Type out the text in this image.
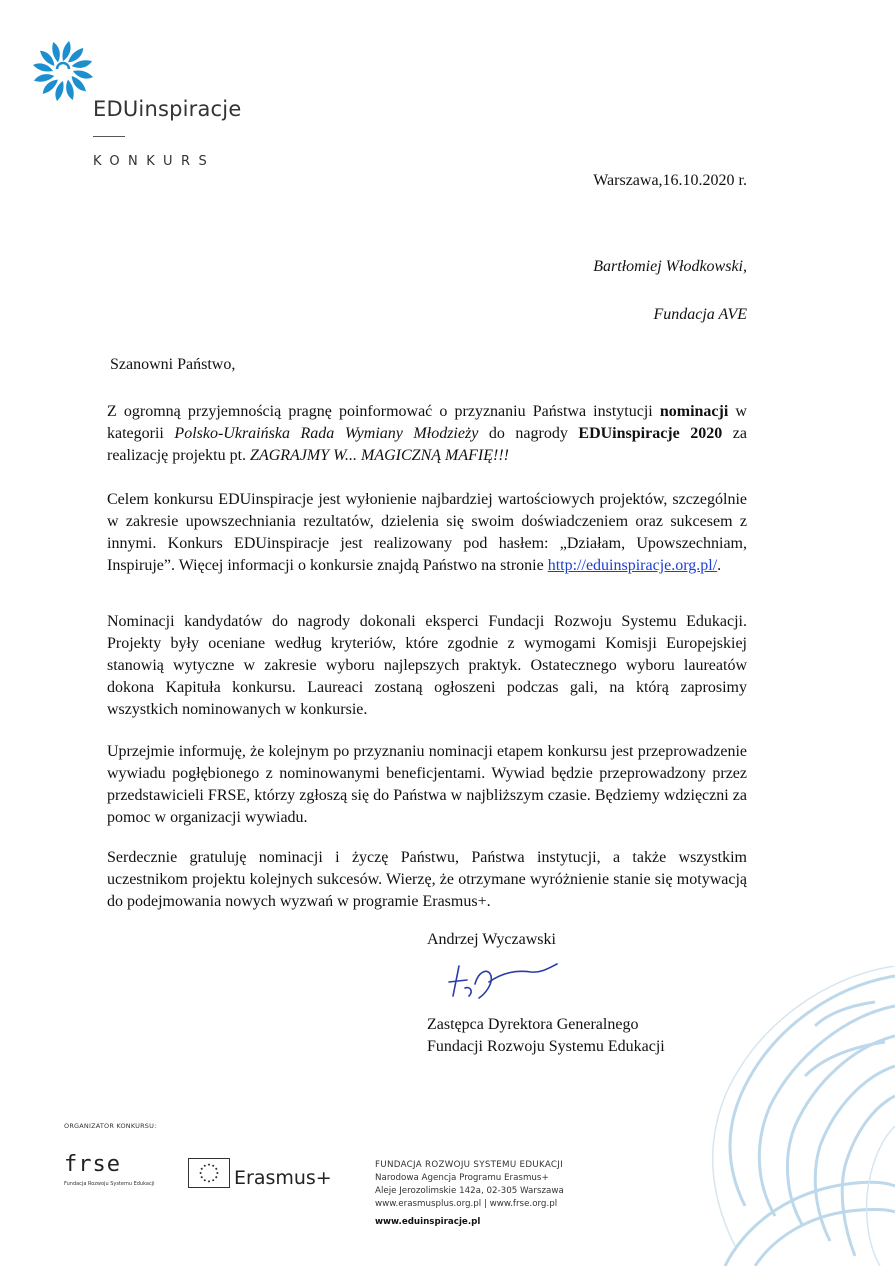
EDUinspiracje
KONKURS
Warszawa,16.10.2020 r.
Bartłomiej Włodkowski,
Fundacja AVE
Szanowni Państwo,
Z ogromną przyjemnością pragnę poinformować o przyznaniu Państwa instytucji nominacji w kategorii Polsko-Ukraińska Rada Wymiany Młodzieży do nagrody EDUinspiracje 2020 za realizację projektu pt. ZAGRAJMY W... MAGICZNĄ MAFIĘ!!!
Celem konkursu EDUinspiracje jest wyłonienie najbardziej wartościowych projektów, szczególnie w zakresie upowszechniania rezultatów, dzielenia się swoim doświadczeniem oraz sukcesem z innymi. Konkurs EDUinspiracje jest realizowany pod hasłem: „Działam, Upowszechniam, Inspiruje”. Więcej informacji o konkursie znajdą Państwo na stronie http://eduinspiracje.org.pl/.
Nominacji kandydatów do nagrody dokonali eksperci Fundacji Rozwoju Systemu Edukacji. Projekty były oceniane według kryteriów, które zgodnie z wymogami Komisji Europejskiej stanowią wytyczne w zakresie wyboru najlepszych praktyk. Ostatecznego wyboru laureatów dokona Kapituła konkursu. Laureaci zostaną ogłoszeni podczas gali, na którą zaprosimy wszystkich nominowanych w konkursie.
Uprzejmie informuję, że kolejnym po przyznaniu nominacji etapem konkursu jest przeprowadzenie wywiadu pogłębionego z nominowanymi beneficjentami. Wywiad będzie przeprowadzony przez przedstawicieli FRSE, którzy zgłoszą się do Państwa w najbliższym czasie. Będziemy wdzięczni za pomoc w organizacji wywiadu.
Serdecznie gratuluję nominacji i życzę Państwu, Państwa instytucji, a także wszystkim uczestnikom projektu kolejnych sukcesów. Wierzę, że otrzymane wyróżnienie stanie się motywacją do podejmowania nowych wyzwań w programie Erasmus+.
Andrzej Wyczawski
Zastępca Dyrektora Generalnego
Fundacji Rozwoju Systemu Edukacji
ORGANIZATOR KONKURSU:
frse
Fundacja Rozwoju Systemu Edukacji	Erasmus+
FUNDACJA ROZWOJU SYSTEMU EDUKACJI
Narodowa Agencja Programu Erasmus+
Aleje Jerozolimskie 142a, 02-305 Warszawa
www.erasmusplus.org.pl | www.frse.org.pl
www.eduinspiracje.pl
